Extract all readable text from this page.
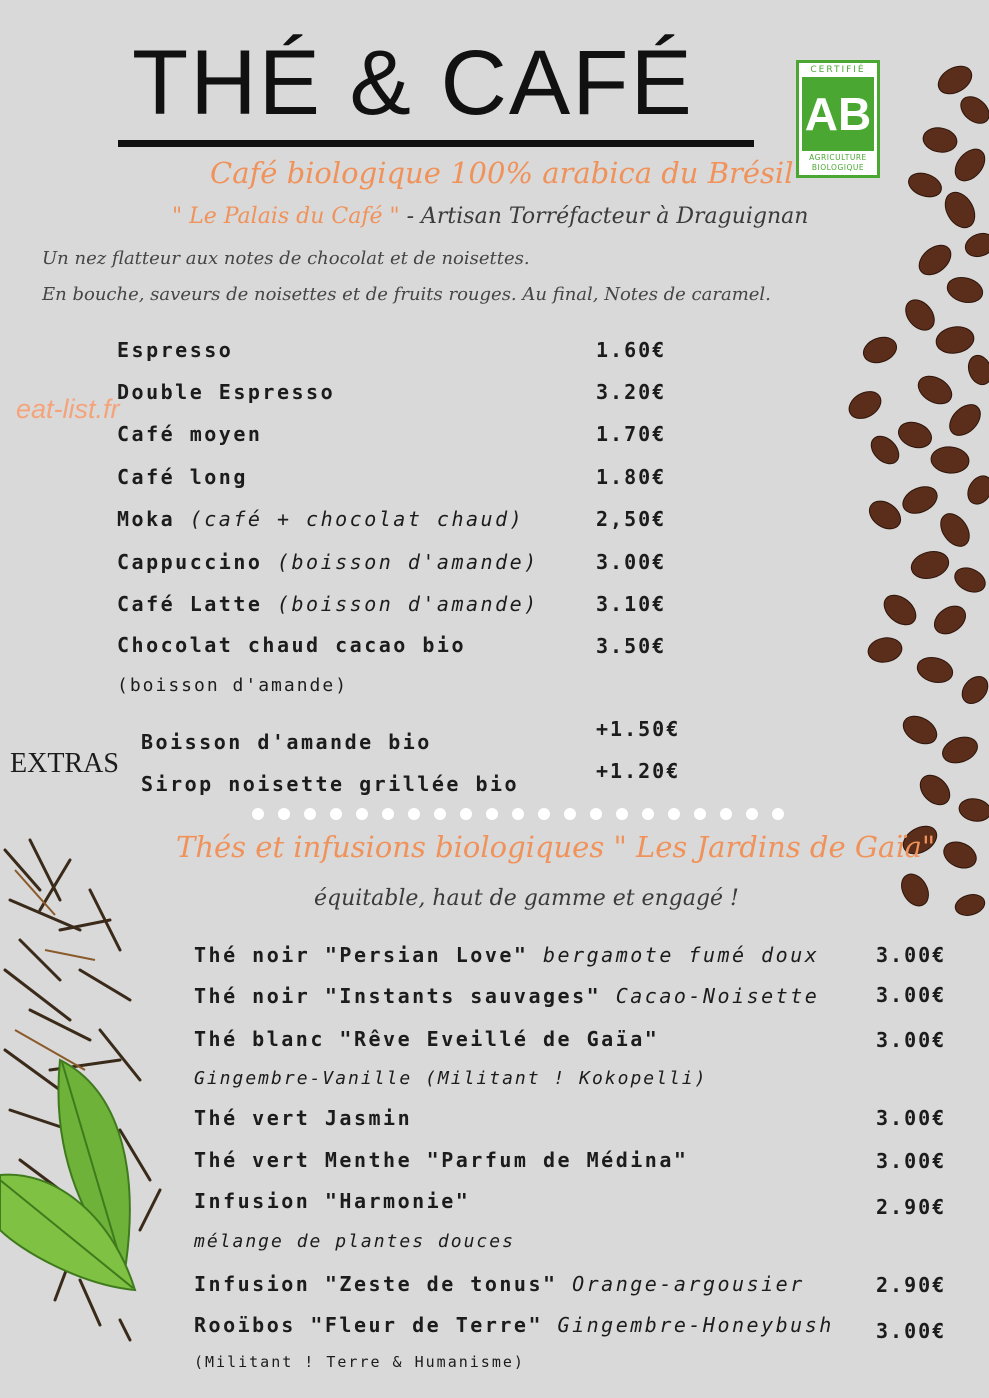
CERTIFIÉ
AB
AGRICULTURE
BIOLOGIQUE
THÉ & CAFÉ
Café biologique 100% arabica du Brésil
" Le Palais du Café " - Artisan Torréfacteur à Draguignan
Un nez flatteur aux notes de chocolat et de noisettes.
En bouche, saveurs de noisettes et de fruits rouges. Au final, Notes de caramel.
eat-list.fr
Espresso	1.60€
Double Espresso	3.20€
Café moyen	1.70€
Café long	1.80€
Moka (café + chocolat chaud)	2,50€
Cappuccino (boisson d'amande)	3.00€
Café Latte (boisson d'amande)	3.10€
Chocolat chaud cacao bio	3.50€
(boisson d'amande)
EXTRAS
Boisson d'amande bio
+1.50€
Sirop noisette grillée bio
+1.20€
Thés et infusions biologiques " Les Jardins de Gaïa"
équitable, haut de gamme et engagé !
Thé noir "Persian Love" bergamote fumé doux	3.00€
Thé noir "Instants sauvages" Cacao-Noisette	3.00€
Thé blanc "Rêve Eveillé de Gaïa"	3.00€
Gingembre-Vanille (Militant ! Kokopelli)
Thé vert Jasmin	3.00€
Thé vert Menthe "Parfum de Médina"	3.00€
Infusion "Harmonie"	2.90€
mélange de plantes douces
Infusion "Zeste de tonus" Orange-argousier	2.90€
Rooïbos "Fleur de Terre" Gingembre-Honeybush 3.00€
(Militant ! Terre & Humanisme)
